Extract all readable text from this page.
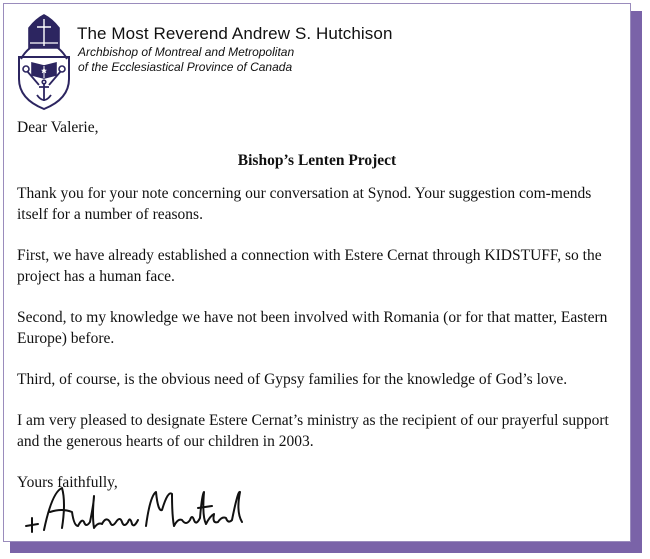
The Most Reverend Andrew S. Hutchison
Archbishop of Montreal and Metropolitan
of the Ecclesiastical Province of Canada

Dear Valerie,

Bishop’s Lenten Project

Thank you for your note concerning our conversation at Synod. Your suggestion com-mends itself for a number of reasons.

First, we have already established a connection with Estere Cernat through KIDSTUFF, so the project has a human face.

Second, to my knowledge we have not been involved with Romania (or for that matter, Eastern Europe) before.

Third, of course, is the obvious need of Gypsy families for the knowledge of God’s love.

I am very pleased to designate Estere Cernat’s ministry as the recipient of our prayerful support and the generous hearts of our children in 2003.

Yours faithfully,
